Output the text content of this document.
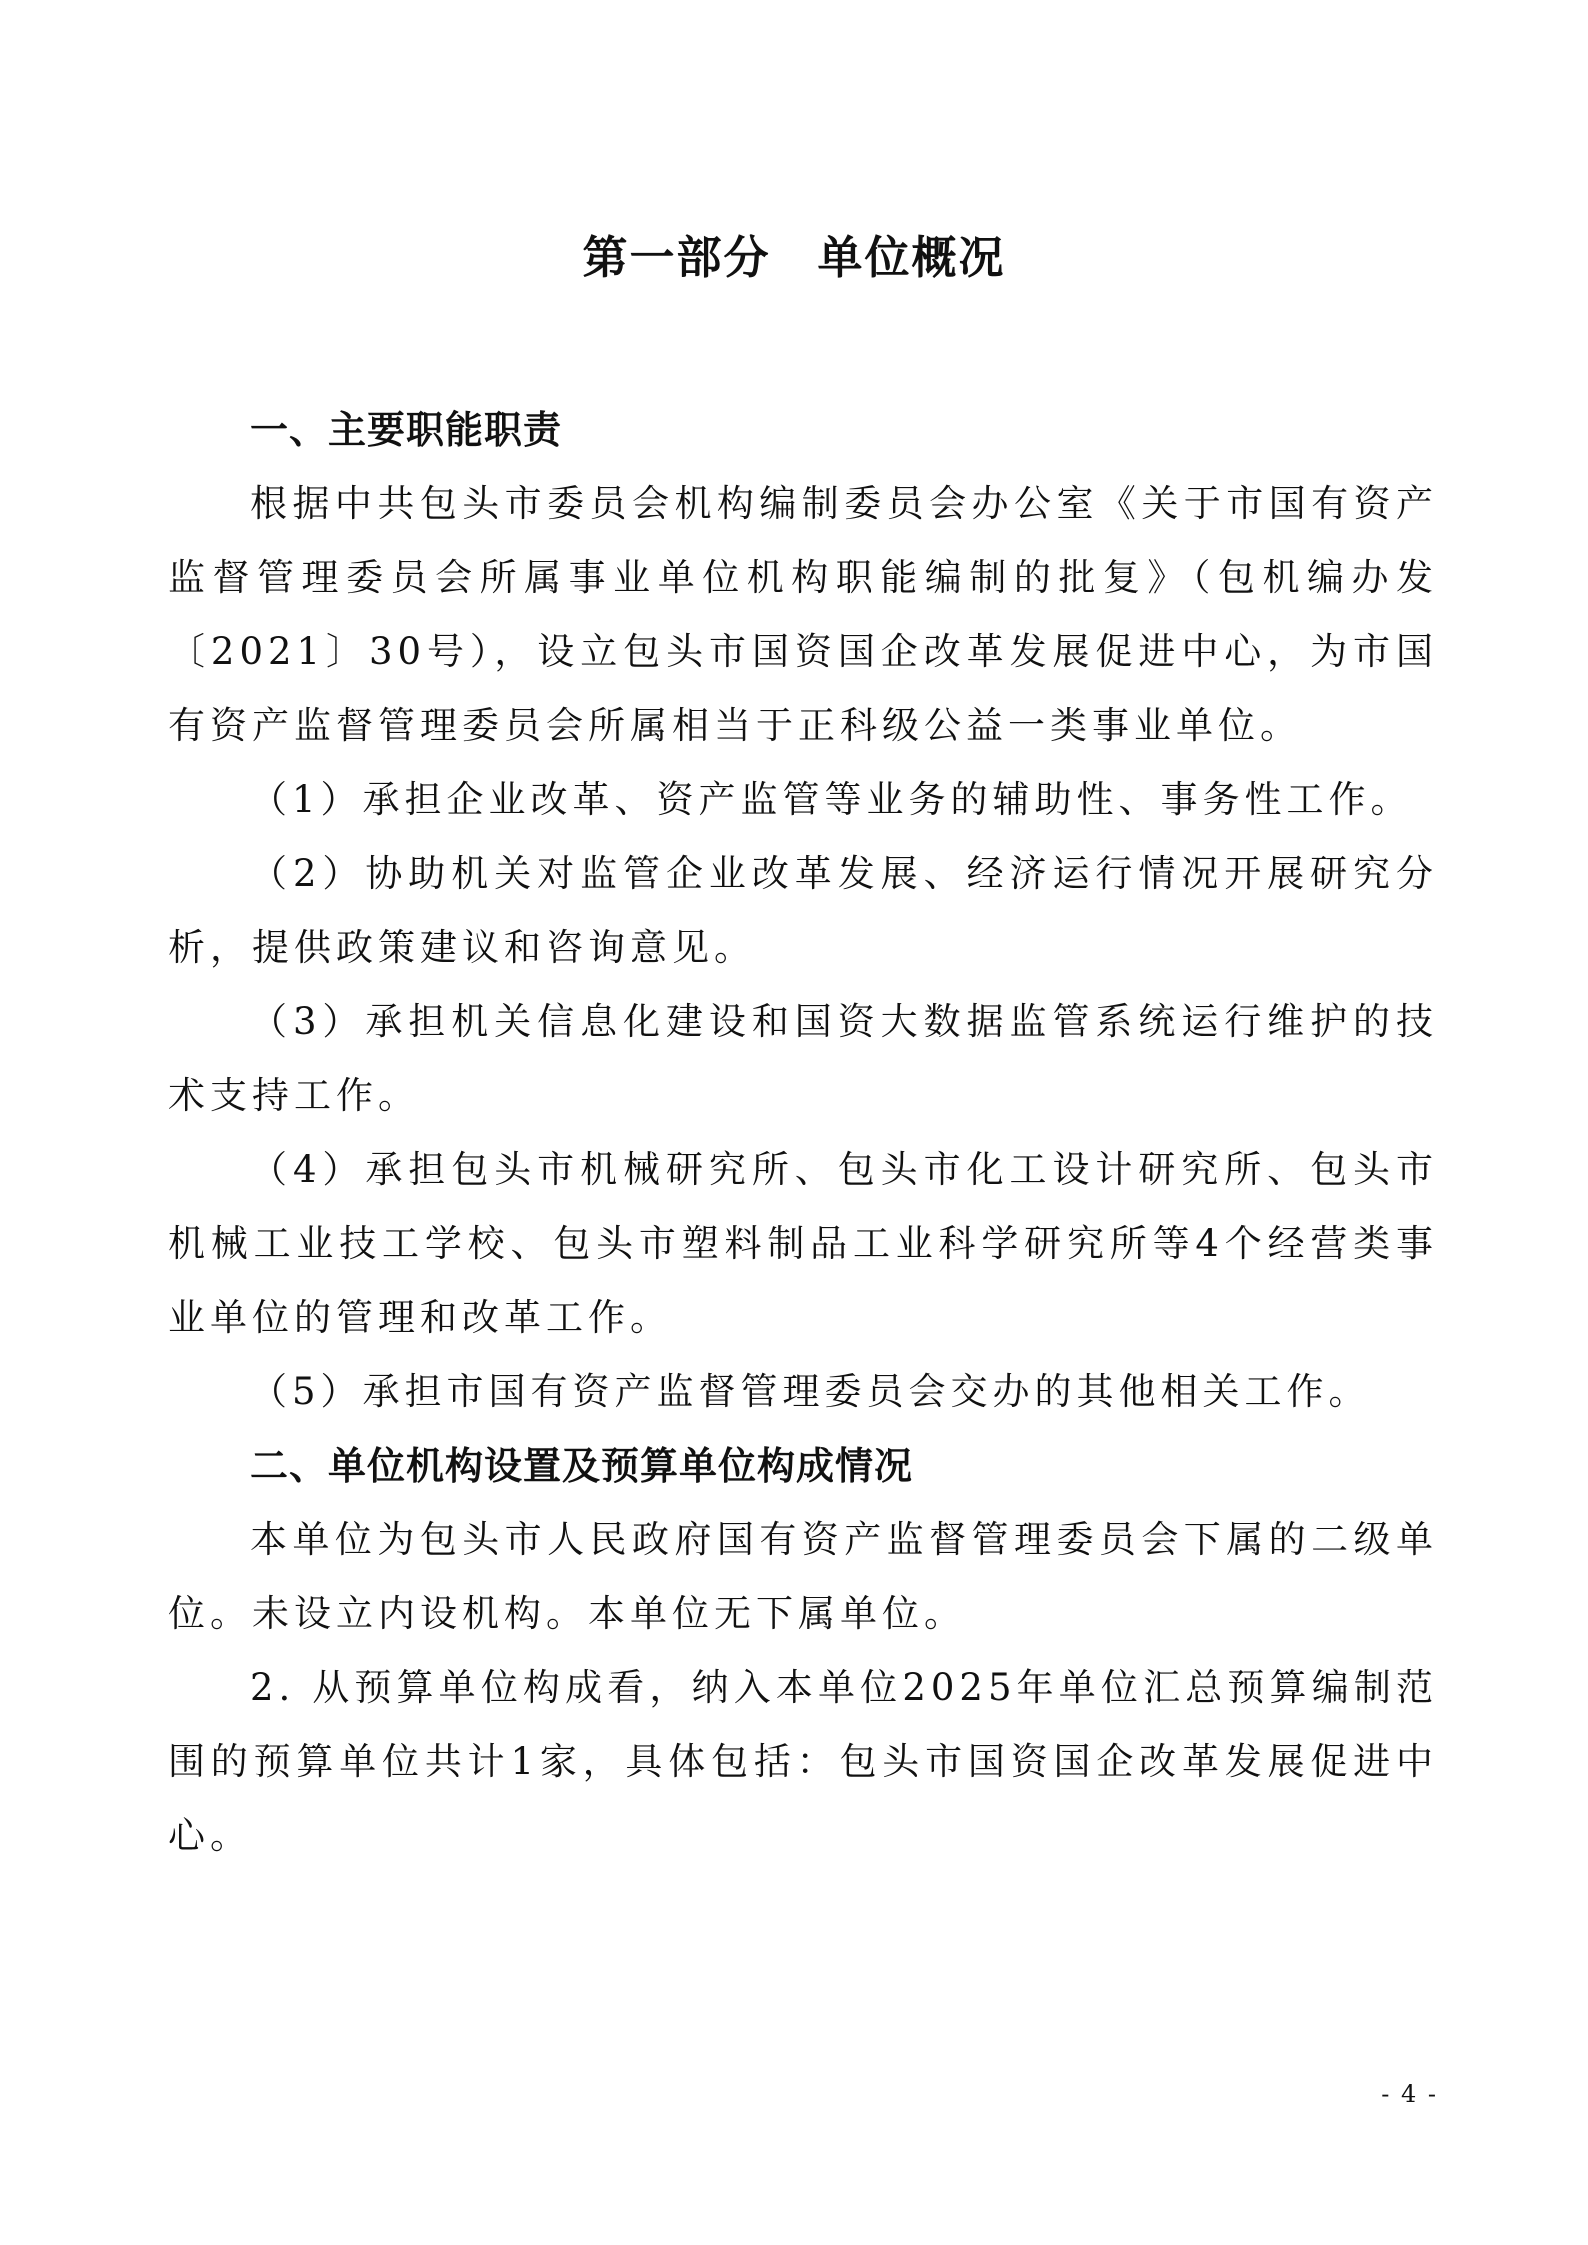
第一部分　单位概况
一、主要职能职责

根据中共包头市委员会机构编制委员会办公室《关于市国有资产监督管理委员会所属事业单位机构职能编制的批复》（包机编办发〔2021〕30号），设立包头市国资国企改革发展促进中心，为市国有资产监督管理委员会所属相当于正科级公益一类事业单位。

（1）承担企业改革、资产监管等业务的辅助性、事务性工作。

（2）协助机关对监管企业改革发展、经济运行情况开展研究分析，提供政策建议和咨询意见。

（3）承担机关信息化建设和国资大数据监管系统运行维护的技术支持工作。

（4）承担包头市机械研究所、包头市化工设计研究所、包头市机械工业技工学校、包头市塑料制品工业科学研究所等4个经营类事业单位的管理和改革工作。

（5）承担市国有资产监督管理委员会交办的其他相关工作。

二、单位机构设置及预算单位构成情况

本单位为包头市人民政府国有资产监督管理委员会下属的二级单位。未设立内设机构。本单位无下属单位。

2. 从预算单位构成看，纳入本单位2025年单位汇总预算编制范围的预算单位共计1家，具体包括：包头市国资国企改革发展促进中心。

- 4 -
